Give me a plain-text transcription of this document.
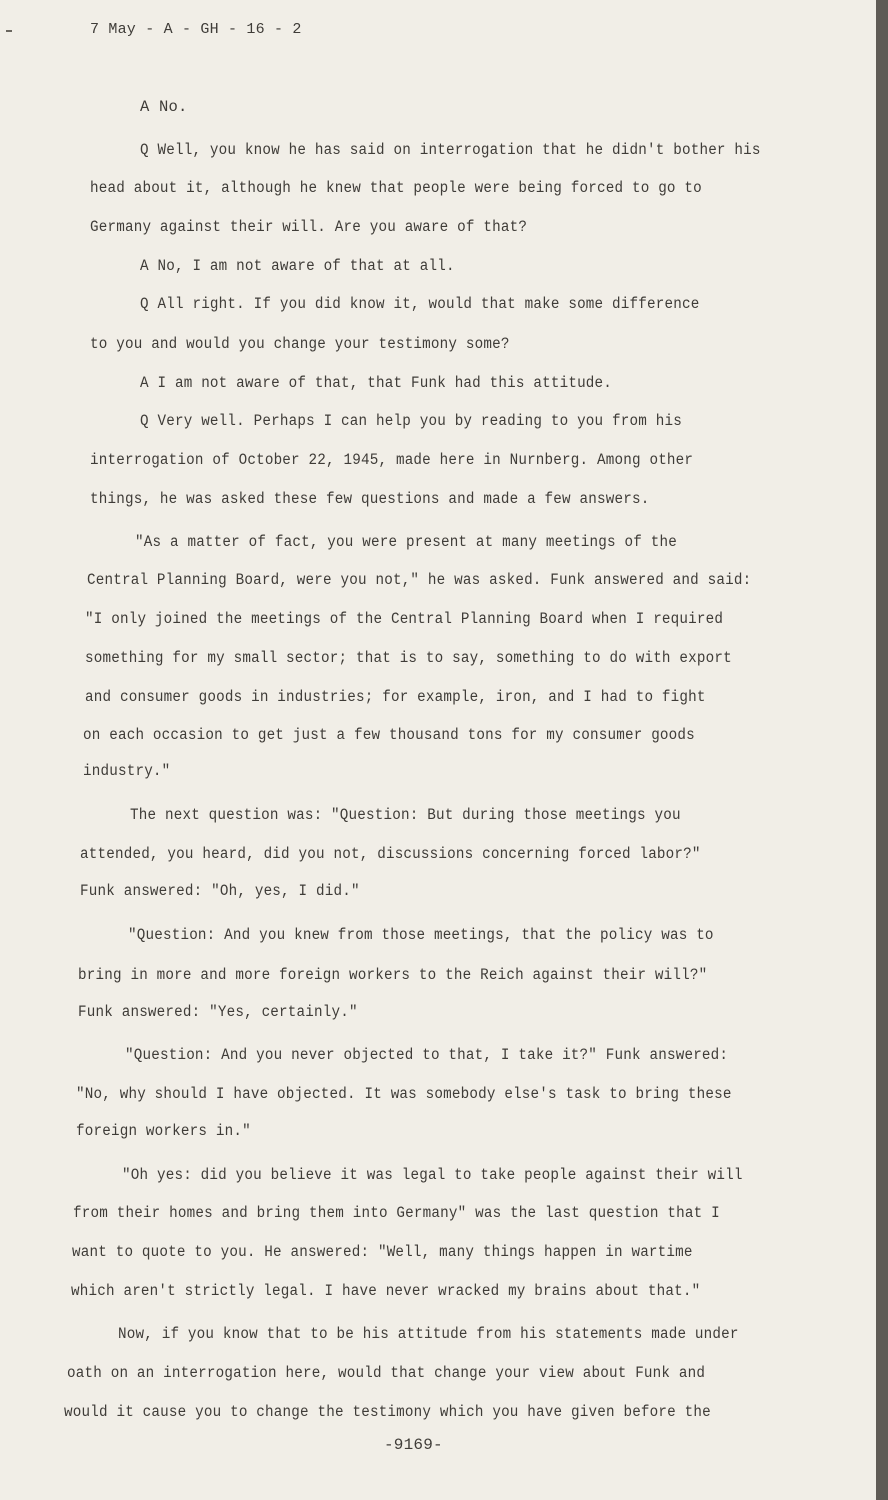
7 May - A - GH - 16 - 2
A No.
Q Well, you know he has said on interrogation that he didn't bother his
head about it, although he knew that people were being forced to go to
Germany against their will. Are you aware of that?
A No, I am not aware of that at all.
Q All right. If you did know it, would that make some difference
to you and would you change your testimony some?
A I am not aware of that, that Funk had this attitude.
Q Very well. Perhaps I can help you by reading to you from his
interrogation of October 22, 1945, made here in Nurnberg. Among other
things, he was asked these few questions and made a few answers.
"As a matter of fact, you were present at many meetings of the
Central Planning Board, were you not," he was asked. Funk answered and said:
"I only joined the meetings of the Central Planning Board when I required
something for my small sector; that is to say, something to do with export
and consumer goods in industries; for example, iron, and I had to fight
on each occasion to get just a few thousand tons for my consumer goods
industry."
The next question was: "Question: But during those meetings you
attended, you heard, did you not, discussions concerning forced labor?"
Funk answered: "Oh, yes, I did."
"Question: And you knew from those meetings, that the policy was to
bring in more and more foreign workers to the Reich against their will?"
Funk answered: "Yes, certainly."
"Question: And you never objected to that, I take it?" Funk answered:
"No, why should I have objected. It was somebody else's task to bring these
foreign workers in."
"Oh yes: did you believe it was legal to take people against their will
from their homes and bring them into Germany" was the last question that I
want to quote to you. He answered: "Well, many things happen in wartime
which aren't strictly legal. I have never wracked my brains about that."
Now, if you know that to be his attitude from his statements made under
oath on an interrogation here, would that change your view about Funk and
would it cause you to change the testimony which you have given before the
-9169-
